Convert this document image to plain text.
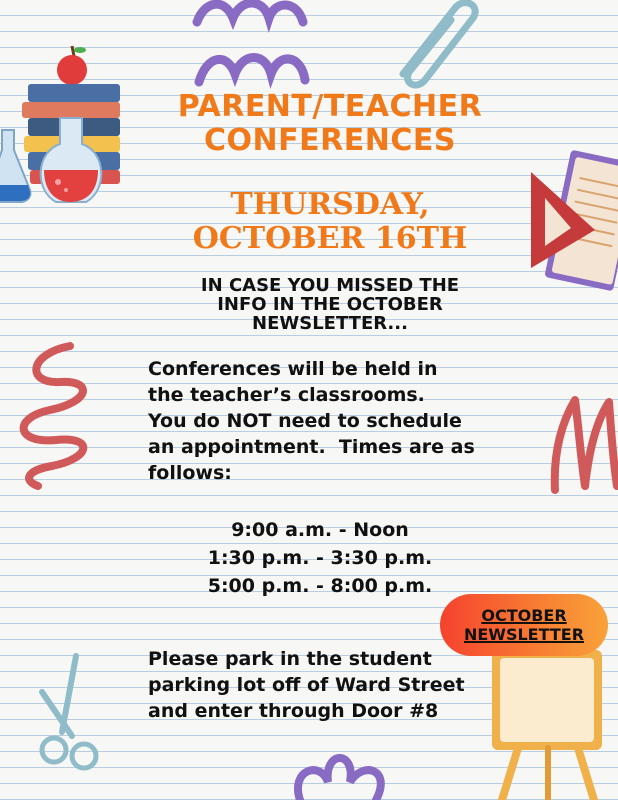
PARENT/TEACHER
CONFERENCES
THURSDAY,
OCTOBER 16TH
IN CASE YOU MISSED THE
INFO IN THE OCTOBER
NEWSLETTER...
Conferences will be held in
the teacher’s classrooms.
You do NOT need to schedule
an appointment.  Times are as
follows:
9:00 a.m. - Noon
1:30 p.m. - 3:30 p.m.
5:00 p.m. - 8:00 p.m.
OCTOBER
NEWSLETTER
Please park in the student
parking lot off of Ward Street
and enter through Door #8
